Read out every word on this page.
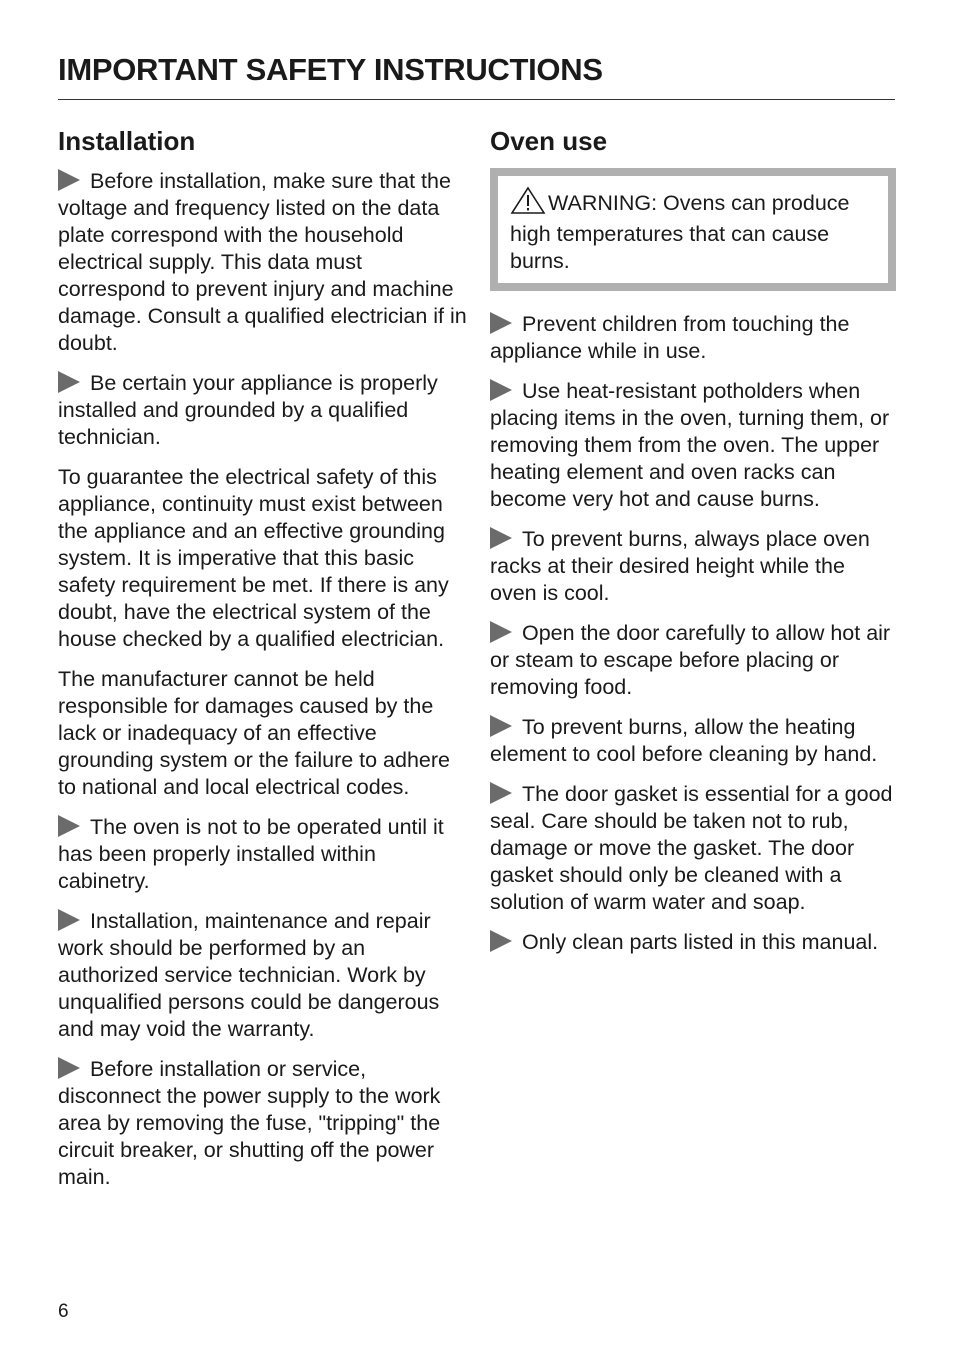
IMPORTANT SAFETY INSTRUCTIONS
Installation

Before installation, make sure that the voltage and frequency listed on the data plate correspond with the household electrical supply. This data must correspond to prevent injury and machine damage. Consult a qualified electrician if in doubt.

Be certain your appliance is properly installed and grounded by a qualified technician.

To guarantee the electrical safety of this appliance, continuity must exist between the appliance and an effective grounding system. It is imperative that this basic safety requirement be met. If there is any doubt, have the electrical system of the house checked by a qualified electrician.

The manufacturer cannot be held responsible for damages caused by the lack or inadequacy of an effective grounding system or the failure to adhere to national and local electrical codes.

The oven is not to be operated until it has been properly installed within cabinetry.

Installation, maintenance and repair work should be performed by an authorized service technician. Work by unqualified persons could be dangerous and may void the warranty.

Before installation or service, disconnect the power supply to the work area by removing the fuse, "tripping" the circuit breaker, or shutting off the power main.

Oven use
WARNING: Ovens can produce high temperatures that can cause burns.

Prevent children from touching the appliance while in use.

Use heat-resistant potholders when placing items in the oven, turning them, or removing them from the oven. The upper heating element and oven racks can become very hot and cause burns.

To prevent burns, always place oven racks at their desired height while the oven is cool.

Open the door carefully to allow hot air or steam to escape before placing or removing food.

To prevent burns, allow the heating element to cool before cleaning by hand.

The door gasket is essential for a good seal. Care should be taken not to rub, damage or move the gasket. The door gasket should only be cleaned with a solution of warm water and soap.

Only clean parts listed in this manual.

6
